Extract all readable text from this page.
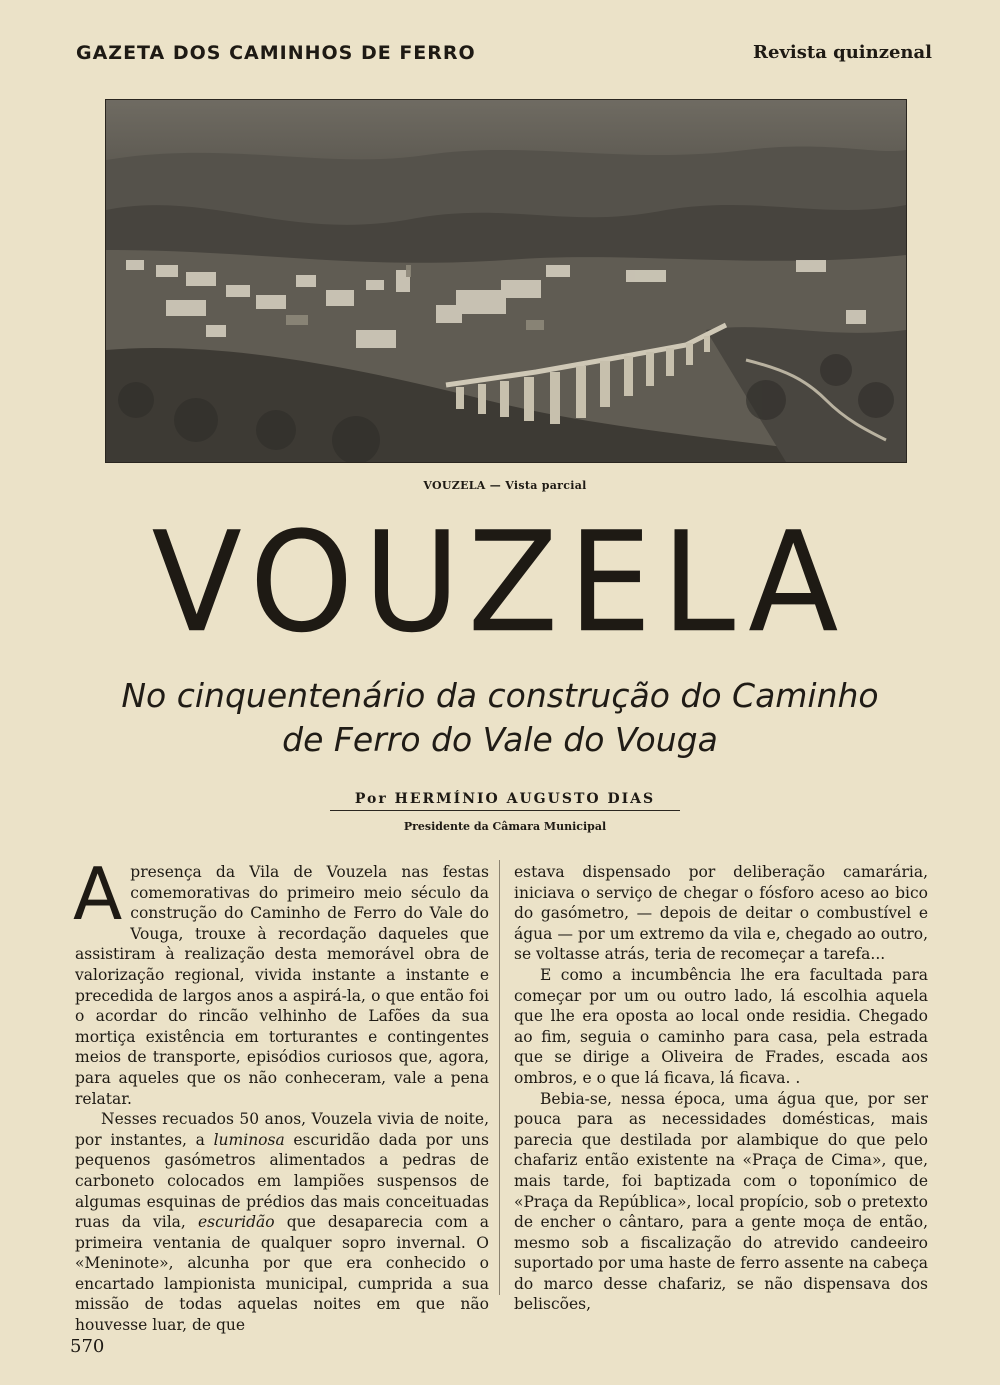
GAZETA DOS CAMINHOS DE FERRO	Revista quinzenal
VOUZELA — Vista parcial
VOUZELA
No cinquentenário da construção do Caminho
de Ferro do Vale do Vouga
Por HERMÍNIO AUGUSTO DIAS
Presidente da Câmara Municipal

Apresença da Vila de Vouzela nas festas comemorativas do primeiro meio século da construção do Caminho de Ferro do Vale do Vouga, trouxe à recordação daqueles que assistiram à realização desta memorável obra de valorização regional, vivida instante a instante e precedida de largos anos a aspirá-la, o que então foi o acordar do rincão velhinho de Lafões da sua mortiça existência em torturantes e contingentes meios de transporte, episódios curiosos que, agora, para aqueles que os não conheceram, vale a pena relatar.

Nesses recuados 50 anos, Vouzela vivia de noite, por instantes, a luminosa escuridão dada por uns pequenos gasómetros alimentados a pedras de carboneto colocados em lampiões suspensos de algumas esquinas de prédios das mais conceituadas ruas da vila, escuridão que desaparecia com a primeira ventania de qualquer sopro invernal. O «Meninote», alcunha por que era conhecido o encartado lampionista municipal, cumprida a sua missão de todas aquelas noites em que não houvesse luar, de que

estava dispensado por deliberação camarária, iniciava o serviço de chegar o fósforo aceso ao bico do gasómetro, — depois de deitar o combustível e água — por um extremo da vila e, chegado ao outro, se voltasse atrás, teria de recomeçar a tarefa...

E como a incumbência lhe era facultada para começar por um ou outro lado, lá escolhia aquela que lhe era oposta ao local onde residia. Chegado ao fim, seguia o caminho para casa, pela estrada que se dirige a Oliveira de Frades, escada aos ombros, e o que lá ficava, lá ficava. .

Bebia-se, nessa época, uma água que, por ser pouca para as necessidades domésticas, mais parecia que destilada por alambique do que pelo chafariz então existente na «Praça de Cima», que, mais tarde, foi baptizada com o toponímico de «Praça da República», local propício, sob o pretexto de encher o cântaro, para a gente moça de então, mesmo sob a fiscalização do atrevido candeeiro suportado por uma haste de ferro assente na cabeça do marco desse chafariz, se não dispensava dos beliscões,

570
